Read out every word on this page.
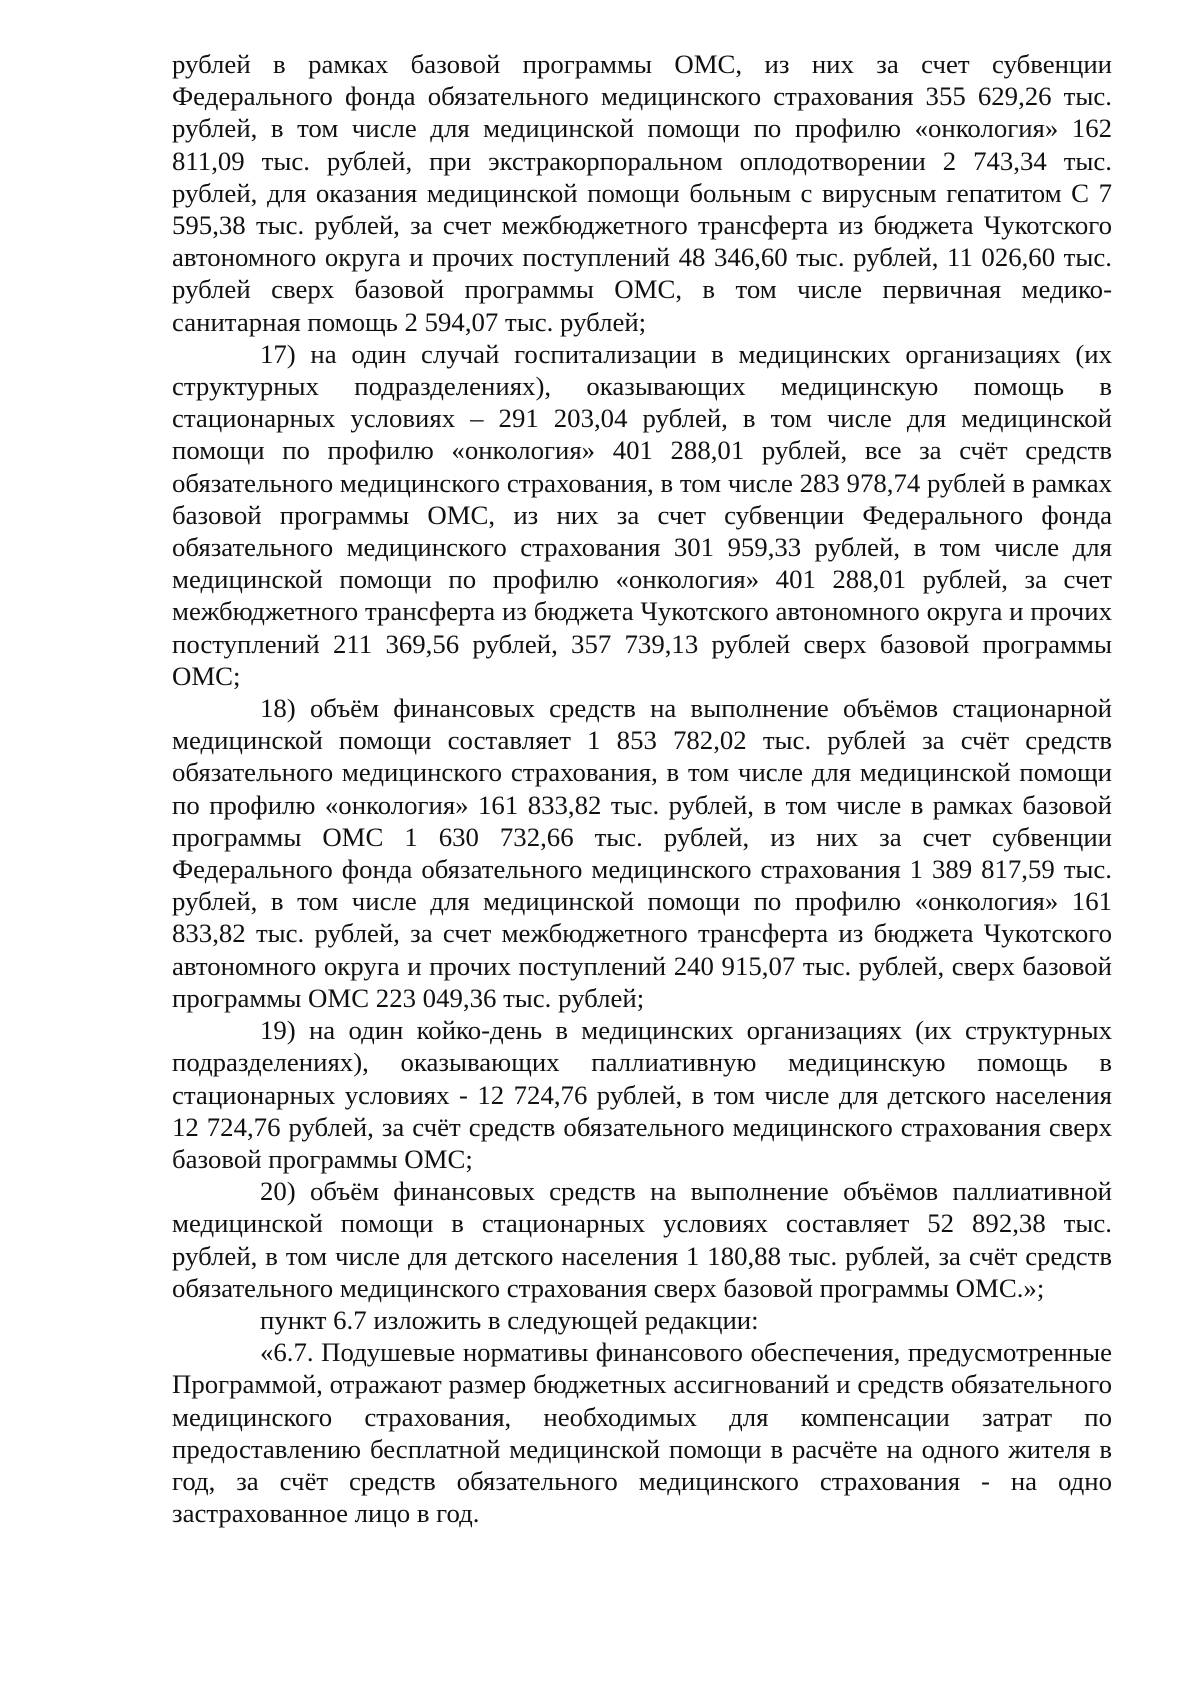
рублей в рамках базовой программы ОМС, из них за счет субвенции Федерального фонда обязательного медицинского страхования 355 629,26 тыс. рублей, в том числе для медицинской помощи по профилю «онкология» 162 811,09 тыс. рублей, при экстракорпоральном оплодотворении 2 743,34 тыс. рублей, для оказания медицинской помощи больным с вирусным гепатитом С 7 595,38 тыс. рублей, за счет межбюджетного трансферта из бюджета Чукотского автономного округа и прочих поступлений 48 346,60 тыс. рублей, 11 026,60 тыс. рублей сверх базовой программы ОМС, в том числе первичная медико-санитарная помощь 2 594,07 тыс. рублей;

17) на один случай госпитализации в медицинских организациях (их структурных подразделениях), оказывающих медицинскую помощь в стационарных условиях – 291 203,04 рублей, в том числе для медицинской помощи по профилю «онкология» 401 288,01 рублей, все за счёт средств обязательного медицинского страхования, в том числе 283 978,74 рублей в рамках базовой программы ОМС, из них за счет субвенции Федерального фонда обязательного медицинского страхования 301 959,33 рублей, в том числе для медицинской помощи по профилю «онкология» 401 288,01 рублей, за счет межбюджетного трансферта из бюджета Чукотского автономного округа и прочих поступлений 211 369,56 рублей, 357 739,13 рублей сверх базовой программы ОМС;

18) объём финансовых средств на выполнение объёмов стационарной медицинской помощи составляет 1 853 782,02 тыс. рублей за счёт средств обязательного медицинского страхования, в том числе для медицинской помощи по профилю «онкология» 161 833,82 тыс. рублей, в том числе в рамках базовой программы ОМС 1 630 732,66 тыс. рублей, из них за счет субвенции Федерального фонда обязательного медицинского страхования 1 389 817,59 тыс. рублей, в том числе для медицинской помощи по профилю «онкология» 161 833,82 тыс. рублей, за счет межбюджетного трансферта из бюджета Чукотского автономного округа и прочих поступлений 240 915,07 тыс. рублей, сверх базовой программы ОМС 223 049,36 тыс. рублей;

19) на один койко-день в медицинских организациях (их структурных подразделениях), оказывающих паллиативную медицинскую помощь в стационарных условиях - 12 724,76 рублей, в том числе для детского населения 12 724,76 рублей, за счёт средств обязательного медицинского страхования сверх базовой программы ОМС;

20) объём финансовых средств на выполнение объёмов паллиативной медицинской помощи в стационарных условиях составляет 52 892,38 тыс. рублей, в том числе для детского населения 1 180,88 тыс. рублей, за счёт средств обязательного медицинского страхования сверх базовой программы ОМС.»;

пункт 6.7 изложить в следующей редакции:

«6.7. Подушевые нормативы финансового обеспечения, предусмотренные Программой, отражают размер бюджетных ассигнований и средств обязательного медицинского страхования, необходимых для компенсации затрат по предоставлению бесплатной медицинской помощи в расчёте на одного жителя в год, за счёт средств обязательного медицинского страхования - на одно застрахованное лицо в год.
